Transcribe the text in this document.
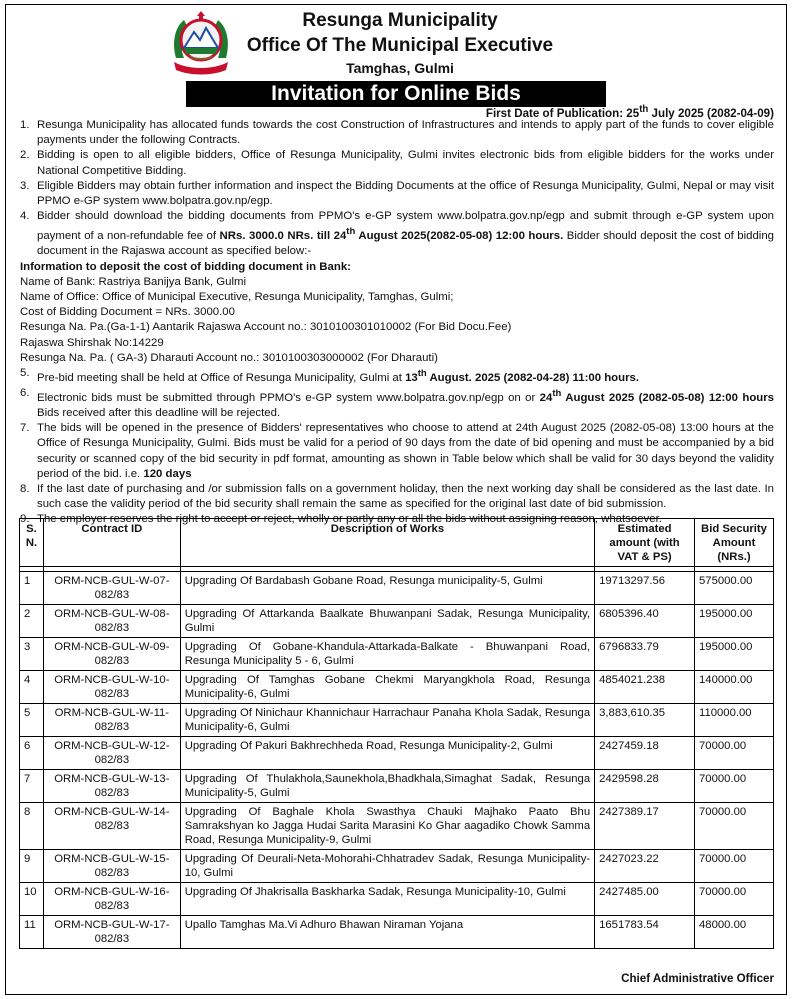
Resunga Municipality
Office Of The Municipal Executive
Tamghas, Gulmi
Invitation for Online Bids
First Date of Publication: 25th July 2025 (2082-04-09)
1. Resunga Municipality has allocated funds towards the cost Construction of Infrastructures and intends to apply part of the funds to cover eligible payments under the following Contracts.
2. Bidding is open to all eligible bidders, Office of Resunga Municipality, Gulmi invites electronic bids from eligible bidders for the works under National Competitive Bidding.
3. Eligible Bidders may obtain further information and inspect the Bidding Documents at the office of Resunga Municipality, Gulmi, Nepal or may visit PPMO e-GP system www.bolpatra.gov.np/egp.
4. Bidder should download the bidding documents from PPMO's e-GP system www.bolpatra.gov.np/egp and submit through e-GP system upon payment of a non-refundable fee of NRs. 3000.0 NRs. till 24th August 2025(2082-05-08) 12:00 hours. Bidder should deposit the cost of bidding document in the Rajaswa account as specified below:-
Information to deposit the cost of bidding document in Bank:
Name of Bank: Rastriya Banijya Bank, Gulmi
Name of Office: Office of Municipal Executive, Resunga Municipality, Tamghas, Gulmi;
Cost of Bidding Document = NRs. 3000.00
Resunga Na. Pa.(Ga-1-1) Aantarik Rajaswa Account no.: 3010100301010002 (For Bid Docu.Fee)
Rajaswa Shirshak No:14229
Resunga Na. Pa. ( GA-3) Dharauti Account no.: 3010100303000002 (For Dharauti)
5. Pre-bid meeting shall be held at Office of Resunga Municipality, Gulmi at 13th August. 2025 (2082-04-28) 11:00 hours.
6. Electronic bids must be submitted through PPMO's e-GP system www.bolpatra.gov.np/egp on or 24th August 2025 (2082-05-08) 12:00 hours Bids received after this deadline will be rejected.
7. The bids will be opened in the presence of Bidders' representatives who choose to attend at 24th August 2025 (2082-05-08) 13:00 hours at the Office of Resunga Municipality, Gulmi. Bids must be valid for a period of 90 days from the date of bid opening and must be accompanied by a bid security or scanned copy of the bid security in pdf format, amounting as shown in Table below which shall be valid for 30 days beyond the validity period of the bid. i.e. 120 days
8. If the last date of purchasing and /or submission falls on a government holiday, then the next working day shall be considered as the last date. In such case the validity period of the bid security shall remain the same as specified for the original last date of bid submission.
9. The employer reserves the right to accept or reject, wholly or partly any or all the bids without assigning reason, whatsoever.
S. N.	Contract ID	Description of Works	Estimated amount (with VAT & PS)	Bid Security Amount (NRs.)

1	ORM-NCB-GUL-W-07-082/83	Upgrading Of Bardabash Gobane Road, Resunga municipality-5, Gulmi	19713297.56	575000.00
2	ORM-NCB-GUL-W-08-082/83	Upgrading Of Attarkanda Baalkate Bhuwanpani Sadak, Resunga Municipality, Gulmi	6805396.40	195000.00
3	ORM-NCB-GUL-W-09-082/83	Upgrading Of Gobane-Khandula-Attarkada-Balkate - Bhuwanpani Road, Resunga Municipality 5 - 6, Gulmi	6796833.79	195000.00
4	ORM-NCB-GUL-W-10-082/83	Upgrading Of Tamghas Gobane Chekmi Maryangkhola Road, Resunga Municipality-6, Gulmi	4854021.238	140000.00
5	ORM-NCB-GUL-W-11-082/83	Upgrading Of Ninichaur Khannichaur Harrachaur Panaha Khola Sadak, Resunga Municipality-6, Gulmi	3,883,610.35	110000.00
6	ORM-NCB-GUL-W-12-082/83	Upgrading Of Pakuri Bakhrechheda Road, Resunga Municipality-2, Gulmi	2427459.18	70000.00
7	ORM-NCB-GUL-W-13-082/83	Upgrading Of Thulakhola,Saunekhola,Bhadkhala,Simaghat Sadak, Resunga Municipality-5, Gulmi	2429598.28	70000.00
8	ORM-NCB-GUL-W-14-082/83	Upgrading Of Baghale Khola Swasthya Chauki Majhako Paato Bhu Samrakshyan ko Jagga Hudai Sarita Marasini Ko Ghar aagadiko Chowk Samma Road, Resunga Municipality-9, Gulmi	2427389.17	70000.00
9	ORM-NCB-GUL-W-15-082/83	Upgrading Of Deurali-Neta-Mohorahi-Chhatradev Sadak, Resunga Municipality-10, Gulmi	2427023.22	70000.00
10	ORM-NCB-GUL-W-16-082/83	Upgrading Of Jhakrisalla Baskharka Sadak, Resunga Municipality-10, Gulmi	2427485.00	70000.00
11	ORM-NCB-GUL-W-17-082/83	Upallo Tamghas Ma.Vi Adhuro Bhawan Niraman Yojana	1651783.54	48000.00
Chief Administrative Officer
